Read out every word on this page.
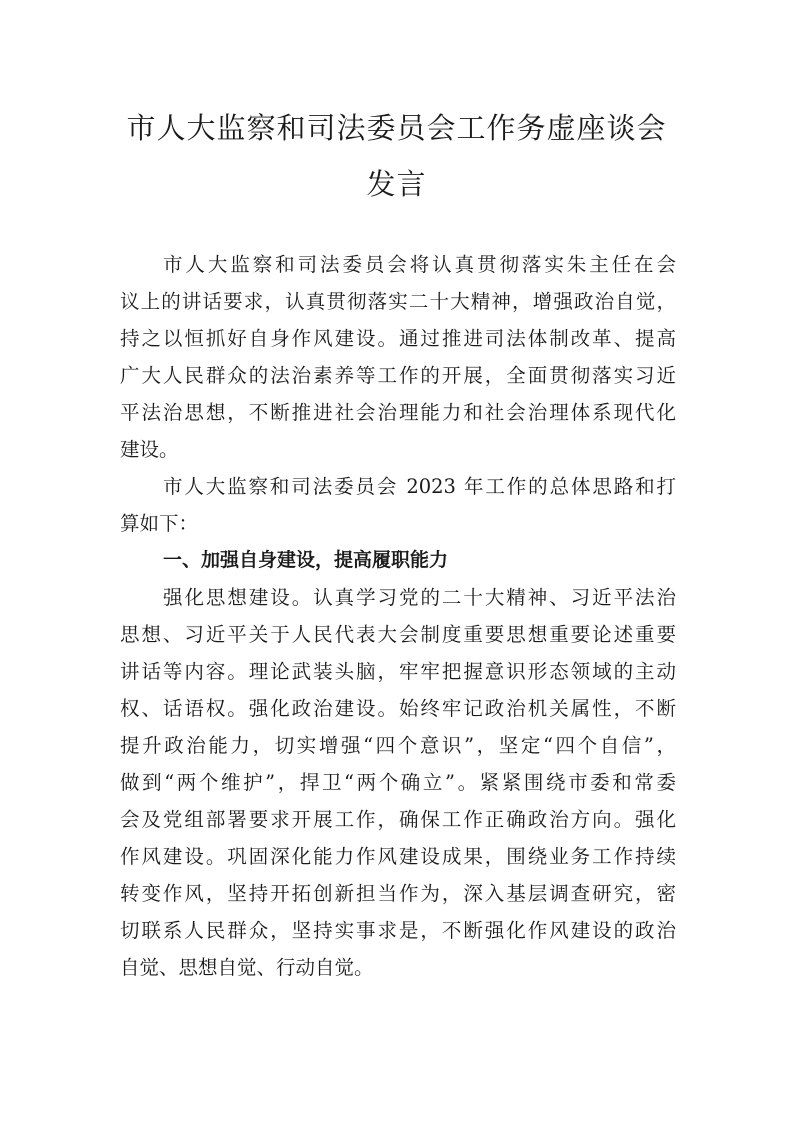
市人大监察和司法委员会工作务虚座谈会
发言

市人大监察和司法委员会将认真贯彻落实朱主任在会
议上的讲话要求，认真贯彻落实二十大精神，增强政治自觉，
持之以恒抓好自身作风建设。通过推进司法体制改革、提高
广大人民群众的法治素养等工作的开展，全面贯彻落实习近
平法治思想，不断推进社会治理能力和社会治理体系现代化
建设。

市人大监察和司法委员会 2023 年工作的总体思路和打
算如下：

一、加强自身建设，提高履职能力

强化思想建设。认真学习党的二十大精神、习近平法治
思想、习近平关于人民代表大会制度重要思想重要论述重要
讲话等内容。理论武装头脑，牢牢把握意识形态领域的主动
权、话语权。强化政治建设。始终牢记政治机关属性，不断
提升政治能力，切实增强“四个意识”，坚定“四个自信”，
做到“两个维护”，捍卫“两个确立”。紧紧围绕市委和常委
会及党组部署要求开展工作，确保工作正确政治方向。强化
作风建设。巩固深化能力作风建设成果，围绕业务工作持续
转变作风，坚持开拓创新担当作为，深入基层调查研究，密
切联系人民群众，坚持实事求是，不断强化作风建设的政治
自觉、思想自觉、行动自觉。
